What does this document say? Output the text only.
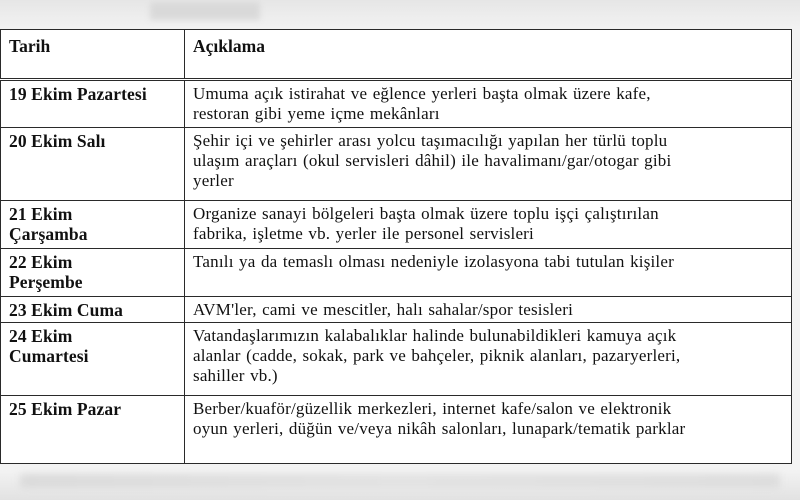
Tarih	Açıklama

19 Ekim Pazartesi	Umuma açık istirahat ve eğlence yerleri başta olmak üzere kafe,
restoran gibi yeme içme mekânları

20 Ekim Salı	Şehir içi ve şehirler arası yolcu taşımacılığı yapılan her türlü toplu
ulaşım araçları (okul servisleri dâhil) ile havalimanı/gar/otogar gibi
yerler

21 Ekim
Çarşamba	Organize sanayi bölgeleri başta olmak üzere toplu işçi çalıştırılan
fabrika, işletme vb. yerler ile personel servisleri

22 Ekim
Perşembe	Tanılı ya da temaslı olması nedeniyle izolasyona tabi tutulan kişiler

23 Ekim Cuma	AVM'ler, cami ve mescitler, halı sahalar/spor tesisleri

24 Ekim
Cumartesi	Vatandaşlarımızın kalabalıklar halinde bulunabildikleri kamuya açık
alanlar (cadde, sokak, park ve bahçeler, piknik alanları, pazaryerleri,
sahiller vb.)

25 Ekim Pazar	Berber/kuaför/güzellik merkezleri, internet kafe/salon ve elektronik
oyun yerleri, düğün ve/veya nikâh salonları, lunapark/tematik parklar
